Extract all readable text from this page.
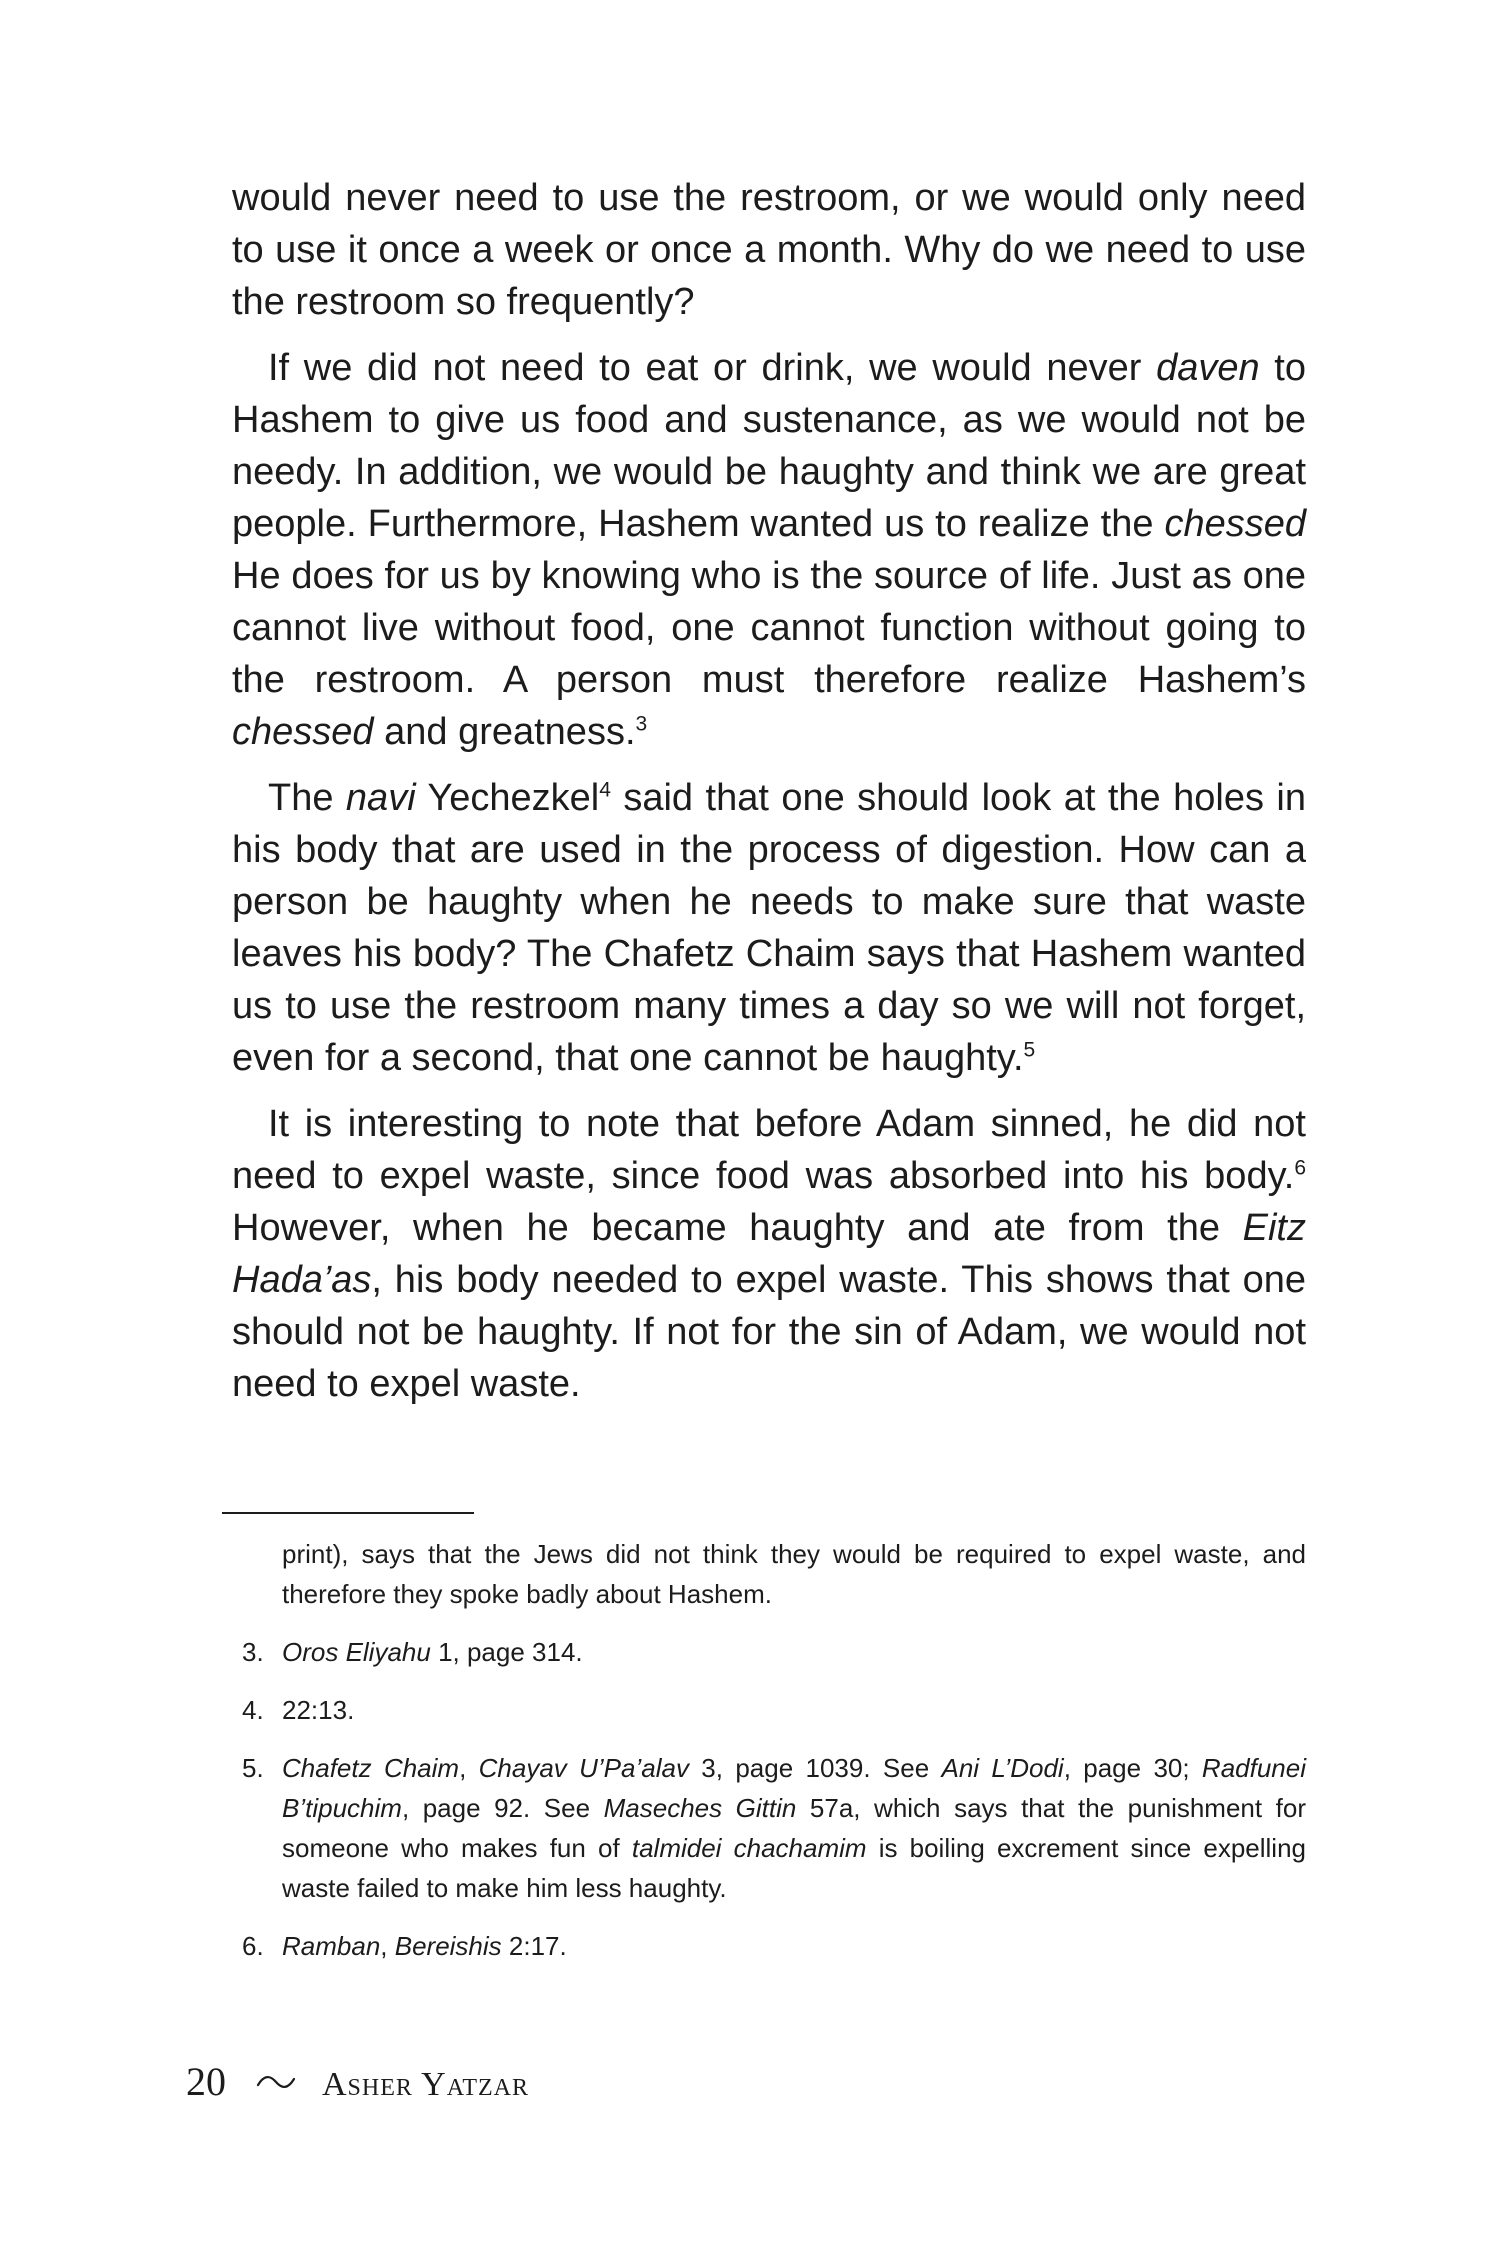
would never need to use the restroom, or we would only need to use it once a week or once a month. Why do we need to use the restroom so frequently?

If we did not need to eat or drink, we would never daven to Hashem to give us food and sustenance, as we would not be needy. In addition, we would be haughty and think we are great people. Furthermore, Hashem wanted us to realize the chessed He does for us by knowing who is the source of life. Just as one cannot live without food, one cannot function without going to the restroom. A person must therefore realize Hashem’s chessed and greatness.$^3$

The navi Yechezkel$^4$ said that one should look at the holes in his body that are used in the process of digestion. How can a person be haughty when he needs to make sure that waste leaves his body? The Chafetz Chaim says that Hashem wanted us to use the restroom many times a day so we will not forget, even for a second, that one cannot be haughty.$^5$

It is interesting to note that before Adam sinned, he did not need to expel waste, since food was absorbed into his body.$^6$ However, when he became haughty and ate from the Eitz Hada’as, his body needed to expel waste. This shows that one should not be haughty. If not for the sin of Adam, we would not need to expel waste.

print), says that the Jews did not think they would be required to expel waste, and therefore they spoke badly about Hashem.
3. Oros Eliyahu 1, page 314.
4. 22:13.
5. Chafetz Chaim, Chayav U’Pa’alav 3, page 1039. See Ani L’Dodi, page 30; Radfunei B’tipuchim, page 92. See Maseches Gittin 57a, which says that the punishment for someone who makes fun of talmidei chachamim is boiling excrement since expelling waste failed to make him less haughty.
6. Ramban, Bereishis 2:17.
20	Asher Yatzar
